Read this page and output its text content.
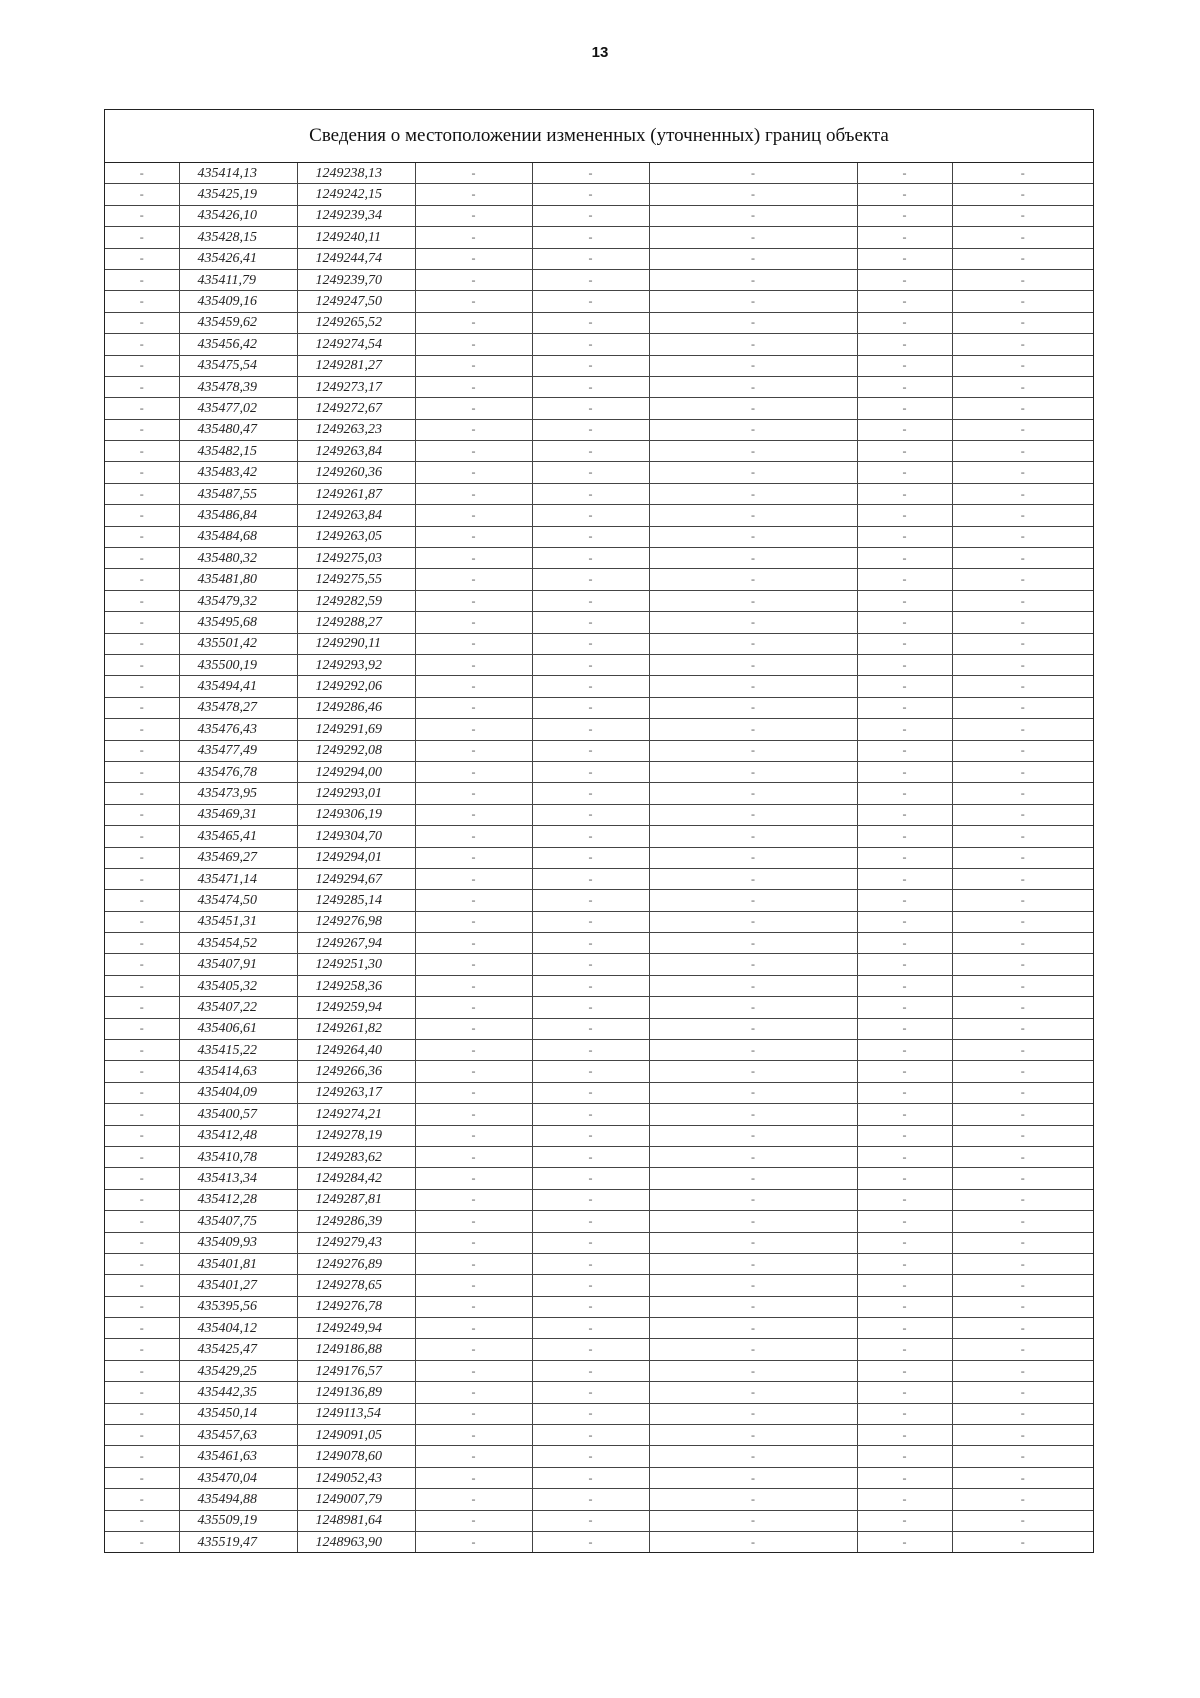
13
Сведения о местоположении измененных (уточненных) границ объекта
-	435414,13	1249238,13	-	-	-	-	-
-	435425,19	1249242,15	-	-	-	-	-
-	435426,10	1249239,34	-	-	-	-	-
-	435428,15	1249240,11	-	-	-	-	-
-	435426,41	1249244,74	-	-	-	-	-
-	435411,79	1249239,70	-	-	-	-	-
-	435409,16	1249247,50	-	-	-	-	-
-	435459,62	1249265,52	-	-	-	-	-
-	435456,42	1249274,54	-	-	-	-	-
-	435475,54	1249281,27	-	-	-	-	-
-	435478,39	1249273,17	-	-	-	-	-
-	435477,02	1249272,67	-	-	-	-	-
-	435480,47	1249263,23	-	-	-	-	-
-	435482,15	1249263,84	-	-	-	-	-
-	435483,42	1249260,36	-	-	-	-	-
-	435487,55	1249261,87	-	-	-	-	-
-	435486,84	1249263,84	-	-	-	-	-
-	435484,68	1249263,05	-	-	-	-	-
-	435480,32	1249275,03	-	-	-	-	-
-	435481,80	1249275,55	-	-	-	-	-
-	435479,32	1249282,59	-	-	-	-	-
-	435495,68	1249288,27	-	-	-	-	-
-	435501,42	1249290,11	-	-	-	-	-
-	435500,19	1249293,92	-	-	-	-	-
-	435494,41	1249292,06	-	-	-	-	-
-	435478,27	1249286,46	-	-	-	-	-
-	435476,43	1249291,69	-	-	-	-	-
-	435477,49	1249292,08	-	-	-	-	-
-	435476,78	1249294,00	-	-	-	-	-
-	435473,95	1249293,01	-	-	-	-	-
-	435469,31	1249306,19	-	-	-	-	-
-	435465,41	1249304,70	-	-	-	-	-
-	435469,27	1249294,01	-	-	-	-	-
-	435471,14	1249294,67	-	-	-	-	-
-	435474,50	1249285,14	-	-	-	-	-
-	435451,31	1249276,98	-	-	-	-	-
-	435454,52	1249267,94	-	-	-	-	-
-	435407,91	1249251,30	-	-	-	-	-
-	435405,32	1249258,36	-	-	-	-	-
-	435407,22	1249259,94	-	-	-	-	-
-	435406,61	1249261,82	-	-	-	-	-
-	435415,22	1249264,40	-	-	-	-	-
-	435414,63	1249266,36	-	-	-	-	-
-	435404,09	1249263,17	-	-	-	-	-
-	435400,57	1249274,21	-	-	-	-	-
-	435412,48	1249278,19	-	-	-	-	-
-	435410,78	1249283,62	-	-	-	-	-
-	435413,34	1249284,42	-	-	-	-	-
-	435412,28	1249287,81	-	-	-	-	-
-	435407,75	1249286,39	-	-	-	-	-
-	435409,93	1249279,43	-	-	-	-	-
-	435401,81	1249276,89	-	-	-	-	-
-	435401,27	1249278,65	-	-	-	-	-
-	435395,56	1249276,78	-	-	-	-	-
-	435404,12	1249249,94	-	-	-	-	-
-	435425,47	1249186,88	-	-	-	-	-
-	435429,25	1249176,57	-	-	-	-	-
-	435442,35	1249136,89	-	-	-	-	-
-	435450,14	1249113,54	-	-	-	-	-
-	435457,63	1249091,05	-	-	-	-	-
-	435461,63	1249078,60	-	-	-	-	-
-	435470,04	1249052,43	-	-	-	-	-
-	435494,88	1249007,79	-	-	-	-	-
-	435509,19	1248981,64	-	-	-	-	-
-	435519,47	1248963,90	-	-	-	-	-
